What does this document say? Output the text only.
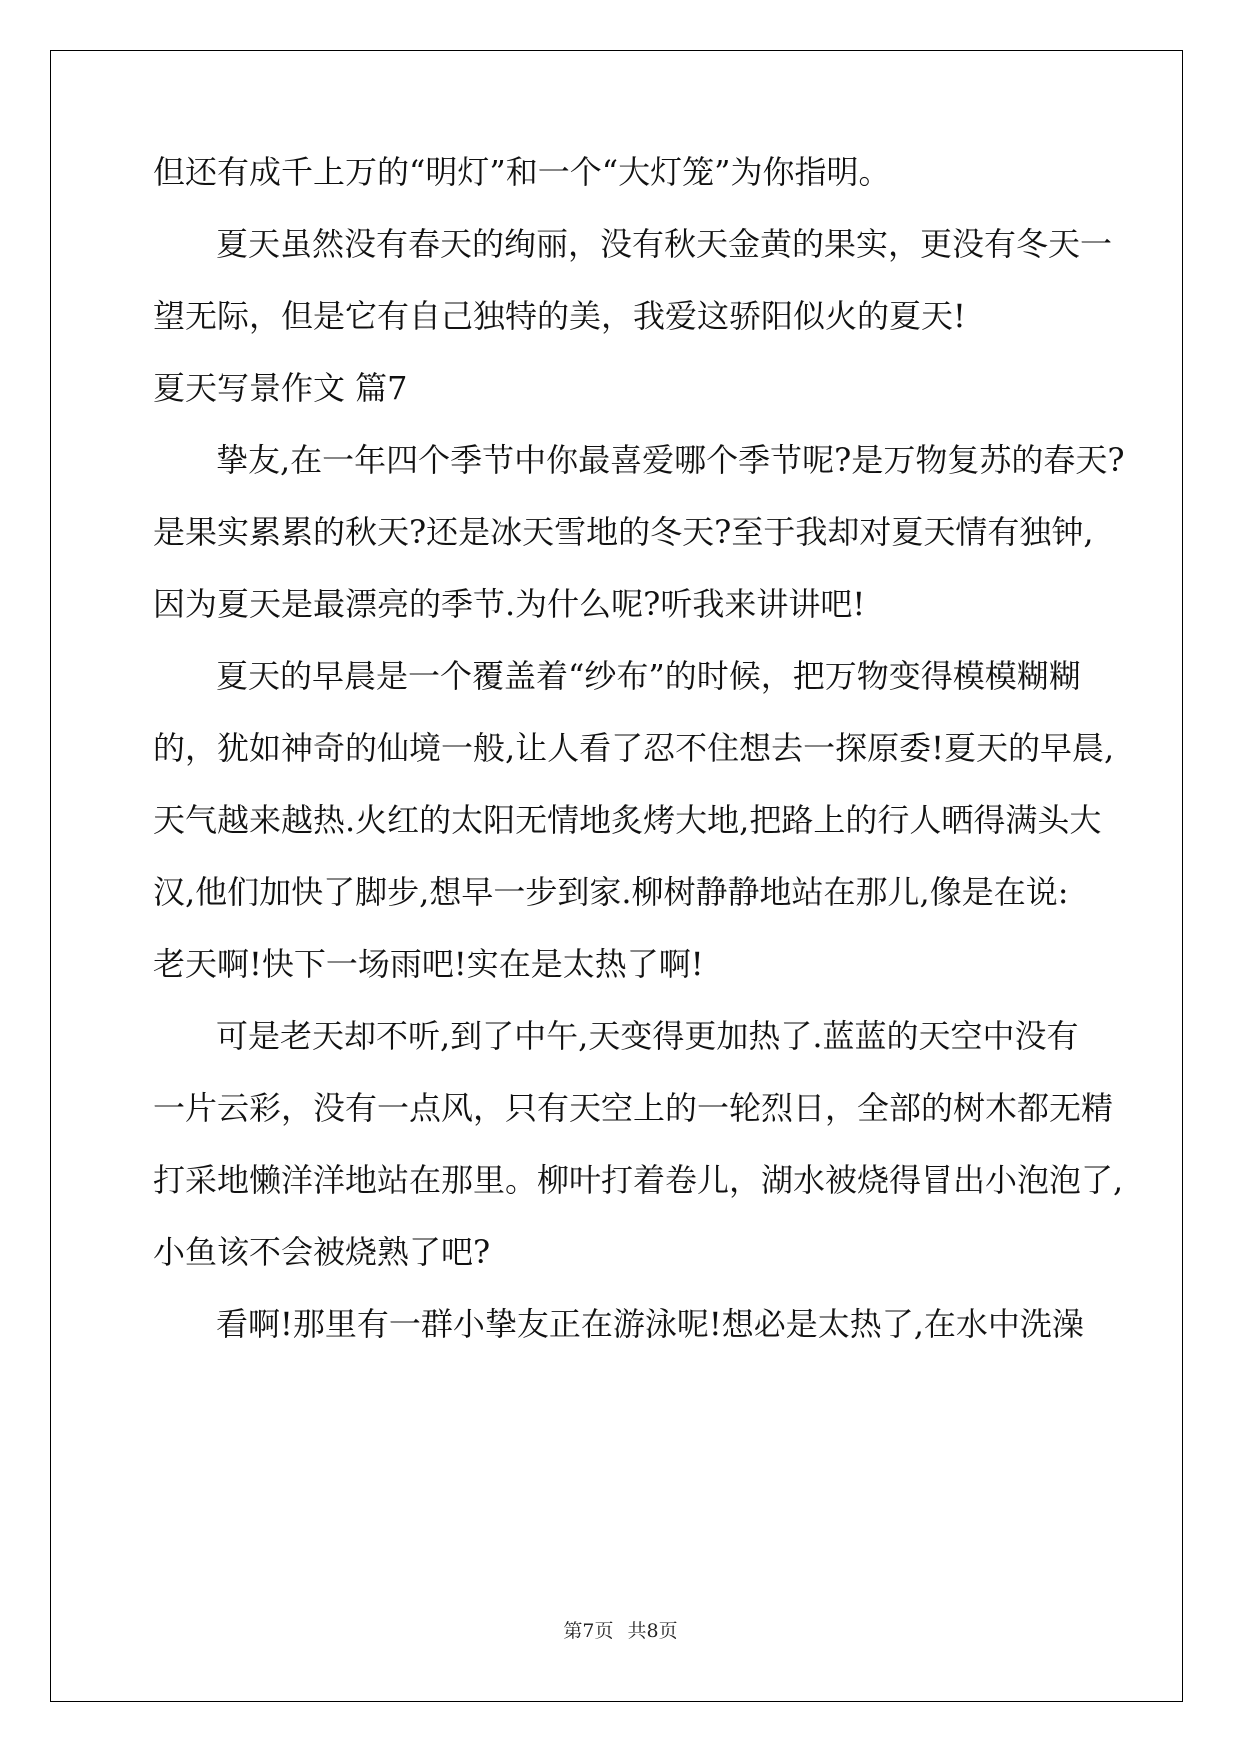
但还有成千上万的“明灯”和一个“大灯笼”为你指明。

夏天虽然没有春天的绚丽，没有秋天金黄的果实，更没有冬天一

望无际，但是它有自己独特的美，我爱这骄阳似火的夏天!

夏天写景作文 篇7

挚友,在一年四个季节中你最喜爱哪个季节呢?是万物复苏的春天?

是果实累累的秋天?还是冰天雪地的冬天?至于我却对夏天情有独钟,

因为夏天是最漂亮的季节.为什么呢?听我来讲讲吧!

夏天的早晨是一个覆盖着“纱布”的时候，把万物变得模模糊糊

的，犹如神奇的仙境一般,让人看了忍不住想去一探原委!夏天的早晨,

天气越来越热.火红的太阳无情地炙烤大地,把路上的行人晒得满头大

汉,他们加快了脚步,想早一步到家.柳树静静地站在那儿,像是在说:

老天啊!快下一场雨吧!实在是太热了啊!

可是老天却不听,到了中午,天变得更加热了.蓝蓝的天空中没有

一片云彩，没有一点风，只有天空上的一轮烈日，全部的树木都无精

打采地懒洋洋地站在那里。柳叶打着卷儿，湖水被烧得冒出小泡泡了,

小鱼该不会被烧熟了吧?

看啊!那里有一群小挚友正在游泳呢!想必是太热了,在水中洗澡

第7页 共8页
